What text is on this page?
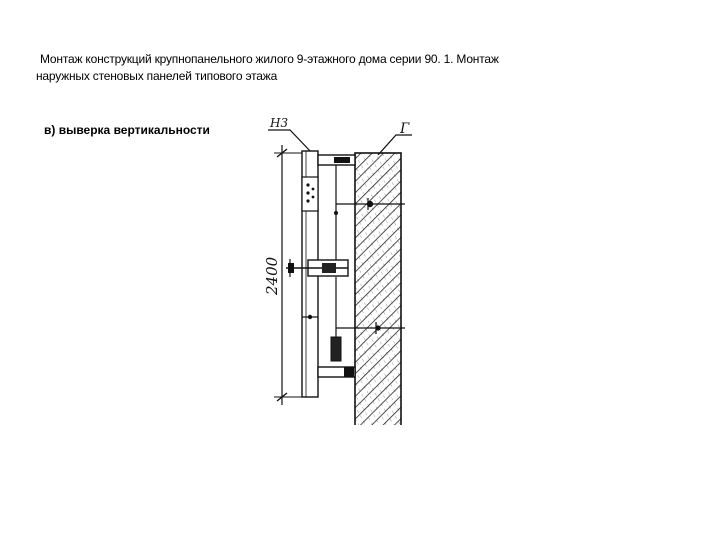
Монтаж конструкций крупнопанельного жилого 9-этажного дома серии 90. 1. Монтаж
наружных стеновых панелей типового этажа
в) выверка вертикальности
2400
Н3	Г
